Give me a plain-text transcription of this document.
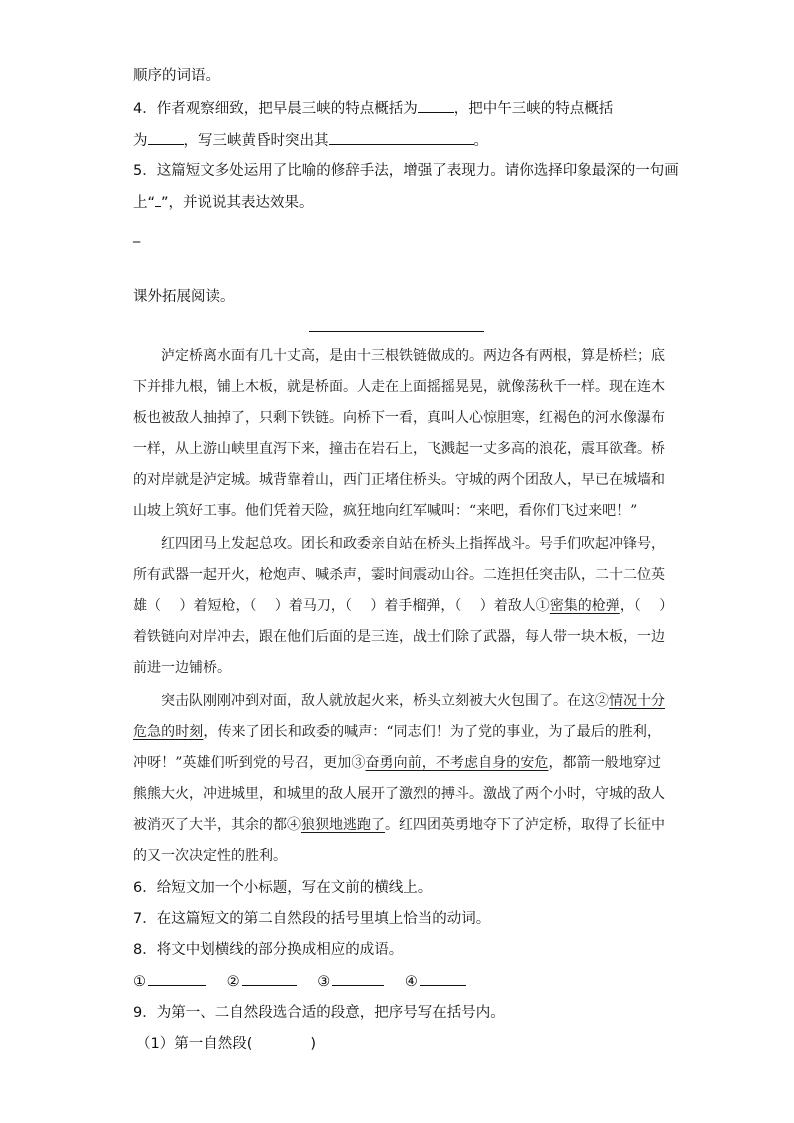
顺序的词语。
4．作者观察细致，把早晨三峡的特点概括为 ，把中午三峡的特点概括
为 ，写三峡黄昏时突出其	。
5．这篇短文多处运用了比喻的修辞手法，增强了表现力。请你选择印象最深的一句画
上“ ”，并说说其表达效果。
_
课外拓展阅读。
泸定桥离水面有几十丈高，是由十三根铁链做成的。两边各有两根，算是桥栏；底
下并排九根，铺上木板，就是桥面。人走在上面摇摇晃晃，就像荡秋千一样。现在连木
板也被敌人抽掉了，只剩下铁链。向桥下一看，真叫人心惊胆寒，红褐色的河水像瀑布
一样，从上游山峡里直泻下来，撞击在岩石上，飞溅起一丈多高的浪花，震耳欲聋。桥
的对岸就是泸定城。城背靠着山，西门正堵住桥头。守城的两个团敌人，早已在城墙和
山坡上筑好工事。他们凭着天险，疯狂地向红军喊叫：“来吧，看你们飞过来吧！”
红四团马上发起总攻。团长和政委亲自站在桥头上指挥战斗。号手们吹起冲锋号，
所有武器一起开火，枪炮声、喊杀声，霎时间震动山谷。二连担任突击队，二十二位英
雄（　 ）着短枪，（　 ）着马刀，（　 ）着手榴弹，（　 ）着敌人①密集的枪弹，（　 ）
着铁链向对岸冲去，跟在他们后面的是三连，战士们除了武器，每人带一块木板，一边
前进一边铺桥。
突击队刚刚冲到对面，敌人就放起火来，桥头立刻被大火包围了。在这②情况十分
危急的时刻，传来了团长和政委的喊声：“同志们！为了党的事业，为了最后的胜利，
冲呀！”英雄们听到党的号召，更加③奋勇向前，不考虑自身的安危，都箭一般地穿过
熊熊大火，冲进城里，和城里的敌人展开了激烈的搏斗。激战了两个小时，守城的敌人
被消灭了大半，其余的都④狼狈地逃跑了。红四团英勇地夺下了泸定桥，取得了长征中
的又一次决定性的胜利。
6．给短文加一个小标题，写在文前的横线上。
7．在这篇短文的第二自然段的括号里填上恰当的动词。
8．将文中划横线的部分换成相应的成语。
①	②	③	④
9．为第一、二自然段选合适的段意，把序号写在括号内。
（1）第一自然段(	)
